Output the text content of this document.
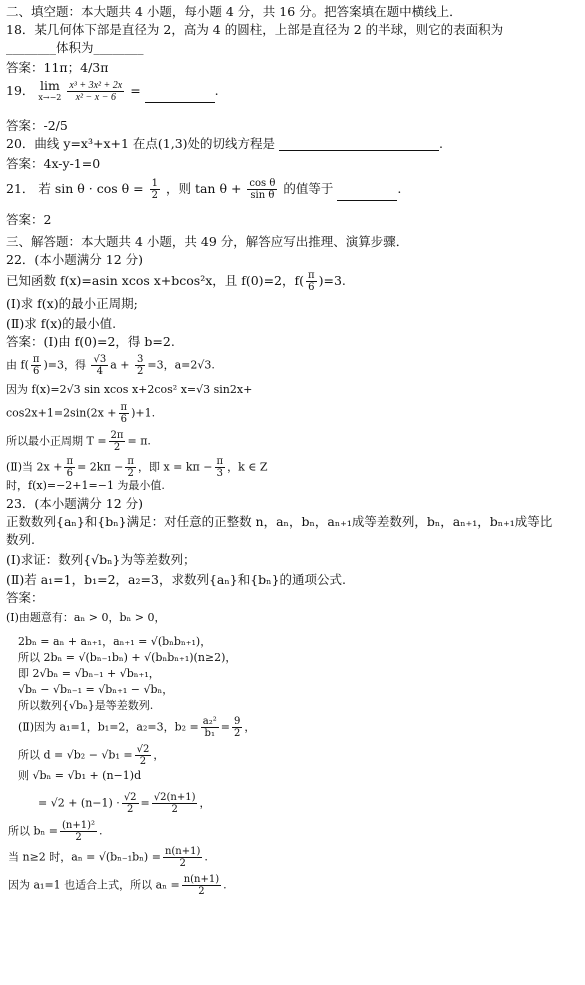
二、填空题：本大题共 4 小题，每小题 4 分，共 16 分。把答案填在题中横线上．
18．某几何体下部是直径为 2，高为 4 的圆柱，上部是直径为 2 的半球，则它的表面积为
________体积为________
答案：11π；4/3π
19． lim
$x\to-2 \frac{\text{x³ + 3x² + 2x}}{\text{x² − x − 6}}$ =	.
答案：-2/5
20．曲线 y=x³+x+1 在点(1,3)处的切线方程是	.
答案：4x-y-1=0
21． 若 $\sin \theta \cdot \cos \theta = \frac{1}{2}$ ，则 $\tan \theta + \frac{\text{cos θ}}{\text{sin θ}}$ 的值等于	.
答案：2
三、解答题：本大题共 4 小题，共 49 分，解答应写出推理、演算步骤．
22．(本小题满分 12 分)
已知函数 f(x)=asin xcos x+bcos²x，且 f(0)=2，$f( \frac{\pi}{6} )=3$.
(Ⅰ)求 f(x)的最小正周期;
(Ⅱ)求 f(x)的最小值.
答案：(Ⅰ)由 f(0)=2，得 b=2.
由 $f( \frac{\pi}{6} )=3$，得 $\frac{√3}{4}$ $a + \frac{3}{2} =3$，a=2√3.
因为 f(x)=2√3 sin xcos x+2cos² x=√3 sin2x+
$\cos 2x+1=2\sin(2x + \frac{\pi}{6} )+1$.
所以最小正周期 $T = \frac{2\pi}{2} = \pi$.
(Ⅱ)当 $2x + \frac{\pi}{6} = 2k\pi - \frac{\pi}{2}$ ，即 $x = k\pi - \frac{\pi}{3}$ ，k ∈ Z
时，f(x)=−2+1=−1 为最小值.
23．(本小题满分 12 分)
正数数列{aₙ}和{bₙ}满足：对任意的正整数 n，aₙ，bₙ，aₙ₊₁成等差数列，bₙ，aₙ₊₁，bₙ₊₁成等比
数列.
(Ⅰ)求证：数列{√bₙ}为等差数列；
(Ⅱ)若 a₁=1，b₁=2，a₂=3，求数列{aₙ}和{bₙ}的通项公式.
答案：
(Ⅰ)由题意有：aₙ > 0，bₙ > 0，
2bₙ = aₙ + aₙ₊₁，aₙ₊₁ = √(bₙbₙ₊₁)，
所以 2bₙ = √(bₙ₋₁bₙ) + √(bₙbₙ₊₁)(n≥2)，
即 2√bₙ = √bₙ₋₁ + √bₙ₊₁，
√bₙ − √bₙ₋₁ = √bₙ₊₁ − √bₙ，
所以数列{√bₙ}是等差数列.
(Ⅱ)因为 a₁=1，b₁=2，a₂=3，$b_2 = \frac{\text{a₂²}}{\text{b₁}} = \frac{9}{2}$ ，
所以 $d = √b_2 - √b_1 = \frac{√2}{2}$ ，
则 √bₙ = √b₁ + (n−1)d
= $√2 + (n-1) \cdot \frac{√2}{2} = \frac{√2(n+1)}{2}$ ，
所以 $b_n = \frac{\text{(n+1)²}}{2}$ .
当 n≥2 时，$a_n = √(b_{n-1}b_n) = \frac{n(n+1)}{2}$ .
因为 a₁=1 也适合上式，所以 $a_n = \frac{n(n+1)}{2}$ .
